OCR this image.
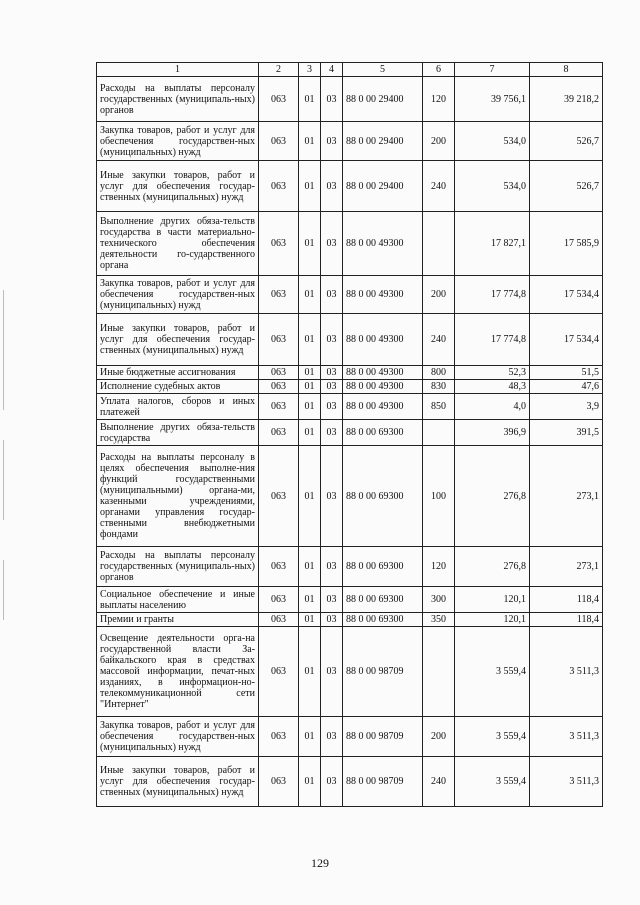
1	2	3	4	5	6	7	8
Расходы на выплаты персоналу государственных (муниципаль-ных) органов	063	01	03	88 0 00 29400	120	39 756,1	39 218,2
Закупка товаров, работ и услуг для обеспечения государствен-ных (муниципальных) нужд	063	01	03	88 0 00 29400	200	534,0	526,7
Иные закупки товаров, работ и услуг для обеспечения государ-ственных (муниципальных) нужд	063	01	03	88 0 00 29400	240	534,0	526,7
Выполнение других обяза-тельств государства в части материально-технического обеспечения деятельности го-сударственного органа	063	01	03	88 0 00 49300		17 827,1	17 585,9
Закупка товаров, работ и услуг для обеспечения государствен-ных (муниципальных) нужд	063	01	03	88 0 00 49300	200	17 774,8	17 534,4
Иные закупки товаров, работ и услуг для обеспечения государ-ственных (муниципальных) нужд	063	01	03	88 0 00 49300	240	17 774,8	17 534,4
Иные бюджетные ассигнования	063	01	03	88 0 00 49300	800	52,3	51,5
Исполнение судебных актов	063	01	03	88 0 00 49300	830	48,3	47,6
Уплата налогов, сборов и иных платежей	063	01	03	88 0 00 49300	850	4,0	3,9
Выполнение других обяза-тельств государства	063	01	03	88 0 00 69300		396,9	391,5
Расходы на выплаты персоналу в целях обеспечения выполне-ния функций государственными (муниципальными) органа-ми, казенными учреждениями, органами управления государ-ственными внебюджетными фондами	063	01	03	88 0 00 69300	100	276,8	273,1
Расходы на выплаты персоналу государственных (муниципаль-ных) органов	063	01	03	88 0 00 69300	120	276,8	273,1
Социальное обеспечение и иные выплаты населению	063	01	03	88 0 00 69300	300	120,1	118,4
Премии и гранты	063	01	03	88 0 00 69300	350	120,1	118,4
Освещение деятельности орга-на государственной власти За-байкальского края в средствах массовой информации, печат-ных изданиях, в информацион-но-телекоммуникационной сети "Интернет"	063	01	03	88 0 00 98709		3 559,4	3 511,3
Закупка товаров, работ и услуг для обеспечения государствен-ных (муниципальных) нужд	063	01	03	88 0 00 98709	200	3 559,4	3 511,3
Иные закупки товаров, работ и услуг для обеспечения государ-ственных (муниципальных) нужд	063	01	03	88 0 00 98709	240	3 559,4	3 511,3
129
